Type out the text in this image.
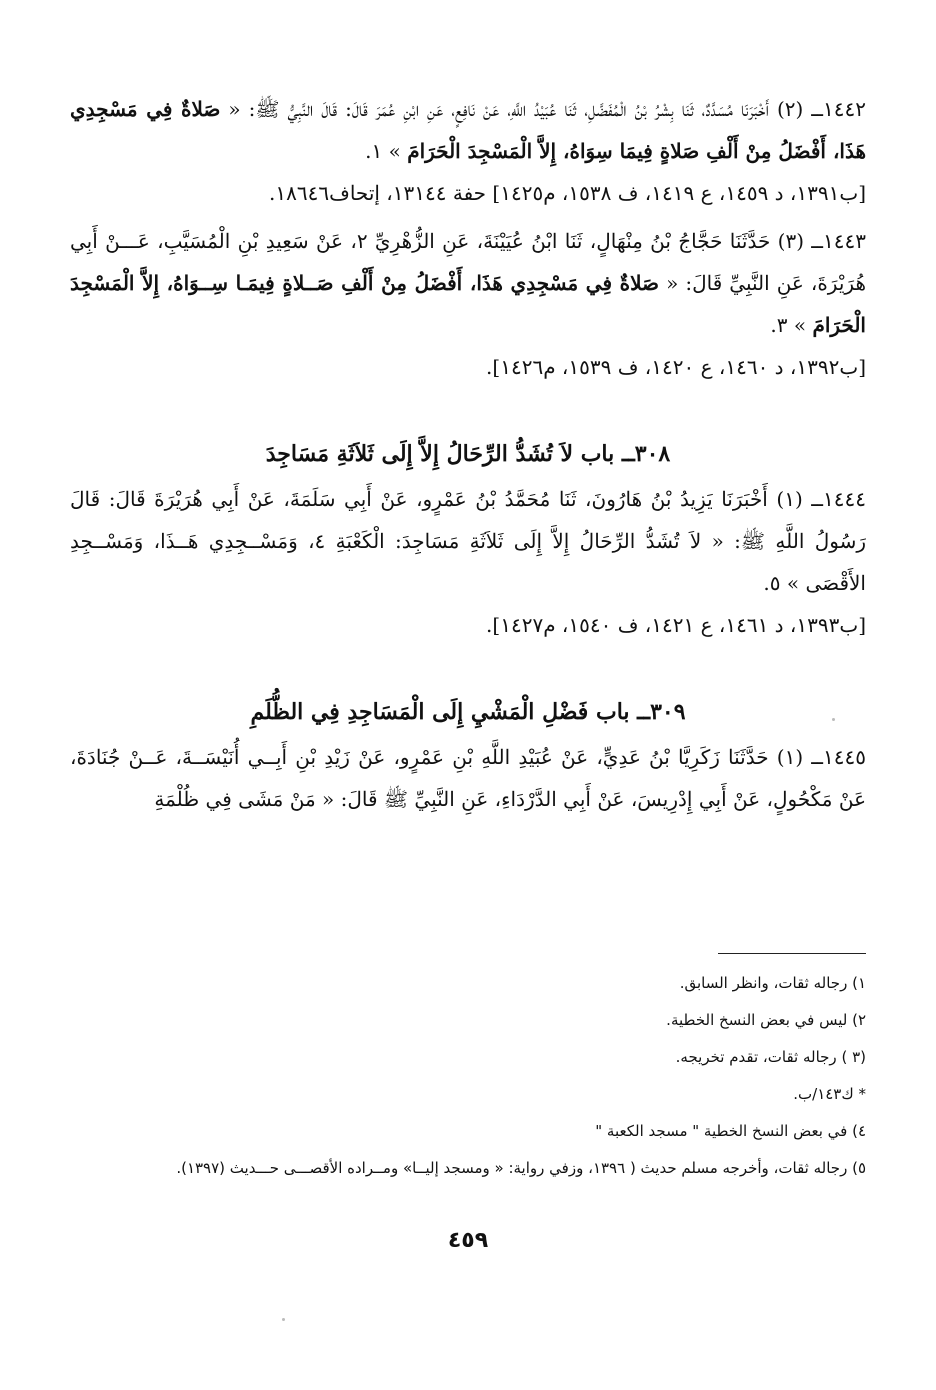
١٤٤٢ــ (٢) أَخْبَرَنَا مُسَدَّدٌ، ثَنَا بِشْرُ بْنُ الْمُفَضَّلِ، ثَنَا عُبَيْدُ اللَّهِ، عَنْ نَافِعٍ، عَنِ ابْنِ عُمَرَ قَالَ: قَالَ النَّبِيُّ ﷺ: « صَلاةٌ فِي مَسْجِدِي هَذَا، أَفْضَلُ مِنْ أَلْفِ صَلاةٍ فِيمَا سِوَاهُ، إِلاَّ الْمَسْجِدَ الْحَرَامَ » ١.

[ب١٣٩١، د ١٤٥٩، ع ١٤١٩، ف ١٥٣٨، م١٤٢٥] حفة ١٣١٤٤، إتحاف١٨٦٤٦.

١٤٤٣ــ (٣) حَدَّثَنَا حَجَّاجُ بْنُ مِنْهَالٍ، ثَنَا ابْنُ عُيَيْنَةَ، عَنِ الزُّهْرِيِّ ٢، عَنْ سَعِيدِ بْنِ الْمُسَيَّبِ، عَـــنْ أَبِي هُرَيْرَةَ، عَنِ النَّبِيِّ قَالَ: « صَلاةٌ فِي مَسْجِدِي هَذَا، أَفْضَلُ مِنْ أَلْفِ صَــلاةٍ فِيمَـا سِــوَاهُ، إِلاَّ الْمَسْجِدَ الْحَرَامَ » ٣.

[ب١٣٩٢، د ١٤٦٠، ع ١٤٢٠، ف ١٥٣٩، م١٤٢٦].

٣٠٨ــ باب لاَ تُشَدُّ الرِّحَالُ إِلاَّ إِلَى ثَلاَثَةِ مَسَاجِدَ

١٤٤٤ــ (١) أَخْبَرَنَا يَزِيدُ بْنُ هَارُونَ، ثَنَا مُحَمَّدُ بْنُ عَمْرٍو، عَنْ أَبِي سَلَمَةَ، عَنْ أَبِي هُرَيْرَةَ قَالَ: قَالَ رَسُولُ اللَّهِ ﷺ: « لاَ تُشَدُّ الرِّحَالُ إِلاَّ إِلَى ثَلاَثَةِ مَسَاجِدَ: الْكَعْبَةِ ٤، وَمَسْــجِدِي هَــذَا، وَمَسْــجِدِ الأَقْصَى » ٥.

[ب١٣٩٣، د ١٤٦١، ع ١٤٢١، ف ١٥٤٠، م١٤٢٧].

٣٠٩ــ باب فَضْلِ الْمَشْيِ إِلَى الْمَسَاجِدِ فِي الظُّلَمِ

١٤٤٥ــ (١) حَدَّثَنَا زَكَرِيَّا بْنُ عَدِيٍّ، عَنْ عُبَيْدِ اللَّهِ بْنِ عَمْرٍو، عَنْ زَيْدِ بْنِ أَبِــي أُنَيْسَــةَ، عَــنْ جُنَادَةَ، عَنْ مَكْحُولٍ، عَنْ أَبِي إِدْرِيسَ، عَنْ أَبِي الدَّرْدَاءِ، عَنِ النَّبِيِّ ﷺ قَالَ: « مَنْ مَشَى فِي ظُلْمَةِ

١) رجاله ثقات، وانظر السابق.

٢) ليس في بعض النسخ الخطية.

(٣ ) رجاله ثقات، تقدم تخريجه.

* ك١٤٣/ب.

٤) في بعض النسخ الخطية " مسجد الكعبة "

٥) رجاله ثقات، وأخرجه مسلم حديث ( ١٣٩٦، وزفي رواية: « ومسجد إليــا» ومــراده الأقصـــى حـــديث (١٣٩٧).

٤٥٩
